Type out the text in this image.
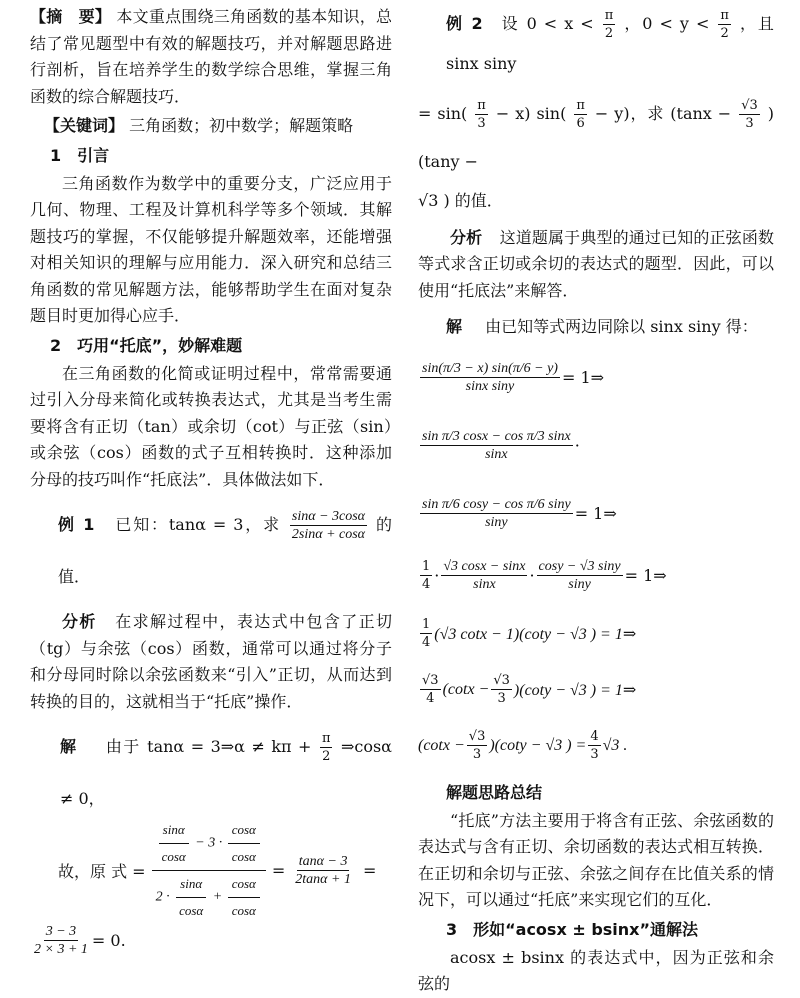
【摘　要】 本文重点围绕三角函数的基本知识，总结了常见题型中有效的解题技巧，并对解题思路进行剖析，旨在培养学生的数学综合思维，掌握三角函数的综合解题技巧．

【关键词】 三角函数；初中数学；解题策略

1　引言

三角函数作为数学中的重要分支，广泛应用于几何、物理、工程及计算机科学等多个领域．其解题技巧的掌握，不仅能够提升解题效率，还能增强对相关知识的理解与应用能力．深入研究和总结三角函数的常见解题方法，能够帮助学生在面对复杂题目时更加得心应手．

2　巧用“托底”，妙解难题

在三角函数的化简或证明过程中，常常需要通过引入分母来简化或转换表达式，尤其是当考生需要将含有正切（tan）或余切（cot）与正弦（sin）或余弦（cos）函数的式子互相转换时．这种添加分母的技巧叫作“托底法”．具体做法如下．

例 1 已知：tanα = 3，求 $\frac{\sin\alpha - 3\cos\alpha}{2\sin\alpha + \cos\alpha}$ 的值．

分析 在求解过程中，表达式中包含了正切（tg）与余弦（cos）函数，通常可以通过将分子和分母同时除以余弦函数来“引入”正切，从而达到转换的目的，这就相当于“托底”操作．

解 由于 tanα = 3⇒α ≠ $k\pi + \frac{\pi}{2}$ ⇒cosα ≠ 0，
故，原 式 = $\frac{\frac{\sin\alpha}{\cos\alpha} - 3 \cdot \frac{\cos\alpha}{\cos\alpha}}{2 \cdot \frac{\sin\alpha}{\cos\alpha} + \frac{\cos\alpha}{\cos\alpha}} = \frac{\tan\alpha - 3}{2\tan\alpha + 1}$ =
$\frac{3 - 3}{2 \times 3 + 1} = 0$.
例 2 设 $0 < x < \frac{\pi}{2}$ ，$0 < y < \frac{\pi}{2}$ ，且 sinx siny
= $\sin( \frac{\pi}{3} - x)$ $\sin( \frac{\pi}{6} - y)$，求 $(\tan x - \frac{√3}{3} )(\tan y$ −

√3 ) 的值．

分析 这道题属于典型的通过已知的正弦函数等式求含正切或余切的表达式的题型．因此，可以使用“托底法”来解答．

解 由已知等式两边同除以 sinx siny 得：

$\frac{\sin(\pi/3 - x) \sin(\pi/6 - y)}{\text{sinx siny}}$ = 1⇒
$\frac{\text{sin π/3 cosx − cos π/3 sinx}}{\sin x}$ ·
$\frac{\text{sin π/6 cosy − cos π/6 siny}}{\sin y}$ = 1⇒
$\frac{1}{4} \cdot \frac{√3 \cos x - \sin x}{\sin x} \cdot \frac{\cos y - √3 \sin y}{\sin y}$ = 1⇒
$\frac{1}{4} (√3$ cotx − 1)(coty − √3 ) = 1⇒
$\frac{√3}{4} (\cot x - \frac{√3}{3} )(\cot y - √3$ ) = 1⇒
$(\cot x - \frac{√3}{3} )(\cot y - √3$ ) = $\frac{4}{3} √3$ .
解题思路总结

“托底”方法主要用于将含有正弦、余弦函数的表达式与含有正切、余切函数的表达式相互转换．在正切和余切与正弦、余弦之间存在比值关系的情况下，可以通过“托底”来实现它们的互化．

3　形如“acosx ± bsinx”通解法

acosx ± bsinx 的表达式中，因为正弦和余弦的
